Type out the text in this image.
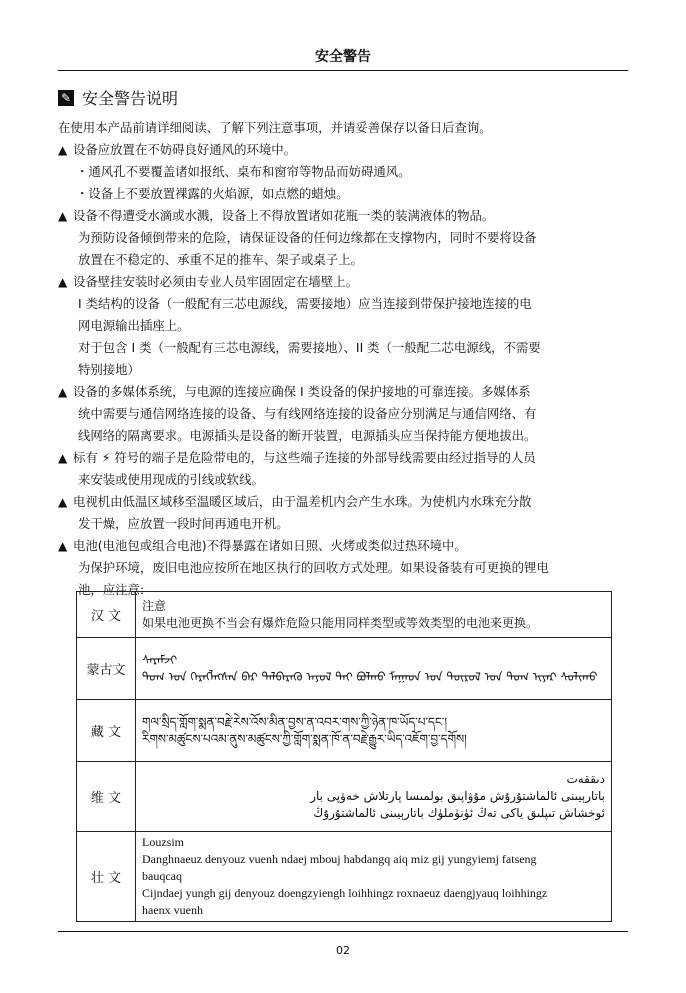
安全警告
✎ 安全警告说明
在使用本产品前请详细阅读、了解下列注意事项，并请妥善保存以备日后查询。
▲ 设备应放置在不妨碍良好通风的环境中。
・通风孔不要覆盖诸如报纸、桌布和窗帘等物品而妨碍通风。
・设备上不要放置裸露的火焰源，如点燃的蜡烛。
▲ 设备不得遭受水滴或水溅，设备上不得放置诸如花瓶一类的装满液体的物品。
为预防设备倾倒带来的危险，请保证设备的任何边缘都在支撑物内，同时不要将设备
放置在不稳定的、承重不足的推车、架子或桌子上。
▲ 设备壁挂安装时必须由专业人员牢固固定在墙壁上。
I 类结构的设备（一般配有三芯电源线，需要接地）应当连接到带保护接地连接的电
网电源输出插座上。
对于包含 I 类（一般配有三芯电源线，需要接地）、II 类（一般配二芯电源线，不需要
特别接地）
▲ 设备的多媒体系统，与电源的连接应确保 I 类设备的保护接地的可靠连接。多媒体系
统中需要与通信网络连接的设备、与有线网络连接的设备应分别满足与通信网络、有
线网络的隔离要求。电源插头是设备的断开装置，电源插头应当保持能方便地拔出。
▲ 标有 ⚡ 符号的端子是危险带电的，与这些端子连接的外部导线需要由经过指导的人员
来安装或使用现成的引线或软线。
▲ 电视机由低温区域移至温暖区域后，由于温差机内会产生水珠。为使机内水珠充分散
发干燥，应放置一段时间再通电开机。
▲ 电池(电池包或组合电池)不得暴露在诸如日照、火烤或类似过热环境中。
为保护环境，废旧电池应按所在地区执行的回收方式处理。如果设备装有可更换的锂电
池，应注意:
汉 文	注意
如果电池更换不当会有爆炸危险只能用同样类型或等效类型的电池来更换。

蒙古文	ᠰᠡᠷᠡᠮᠵᠢ
ᠲᠤᠭ ᠤᠨ ᠬᠡᠷᠡᠭᠯᠡᠭᠰᠡᠨ ᠪᠠᠷ ᠳᠡᠯᠪᠡᠷᠡᠬᠦ ᠠᠶᠤᠯ ᠲᠠᠢ ᠪᠣᠯᠬᠤ ᠮᠠᠭᠠᠳ ᠤᠨ ᠲᠦᠷᠦᠯ ᠤᠨ ᠲᠤᠭ ᠢᠶᠠᠷ ᠰᠣᠯᠢᠬᠤ

藏 文	གལ་སྲིད་གློག་སྨན་བརྗེ་རེས་འོས་མིན་བྱས་ན་འབར་གས་ཀྱི་ཉེན་ཁ་ཡོད་པ་དང་།
རིགས་མཚུངས་པའམ་ནུས་མཚུངས་ཀྱི་གློག་སྨན་ཁོ་ན་བརྗེ་རྒྱུར་ཡིད་འཇོག་བྱ་དགོས།

维 文	دىققەت
باتارېيىنى ئالماشتۇرۇش مۇۋاپىق بولمىسا پارتلاش خەۋپى بار
ئوخشاش تىپلىق ياكى تەڭ ئۈنۈملۈك باتارېيىنى ئالماشتۇرۇڭ

壮 文	Louzsim
Danghnaeuz denyouz vuenh ndaej mbouj habdangq aiq miz gij yungyiemj fatseng
bauqcaq
Cijndaej yungh gij denyouz doengzyiengh loihhingz roxnaeuz daengjyauq loihhingz
haenx vuenh
02
